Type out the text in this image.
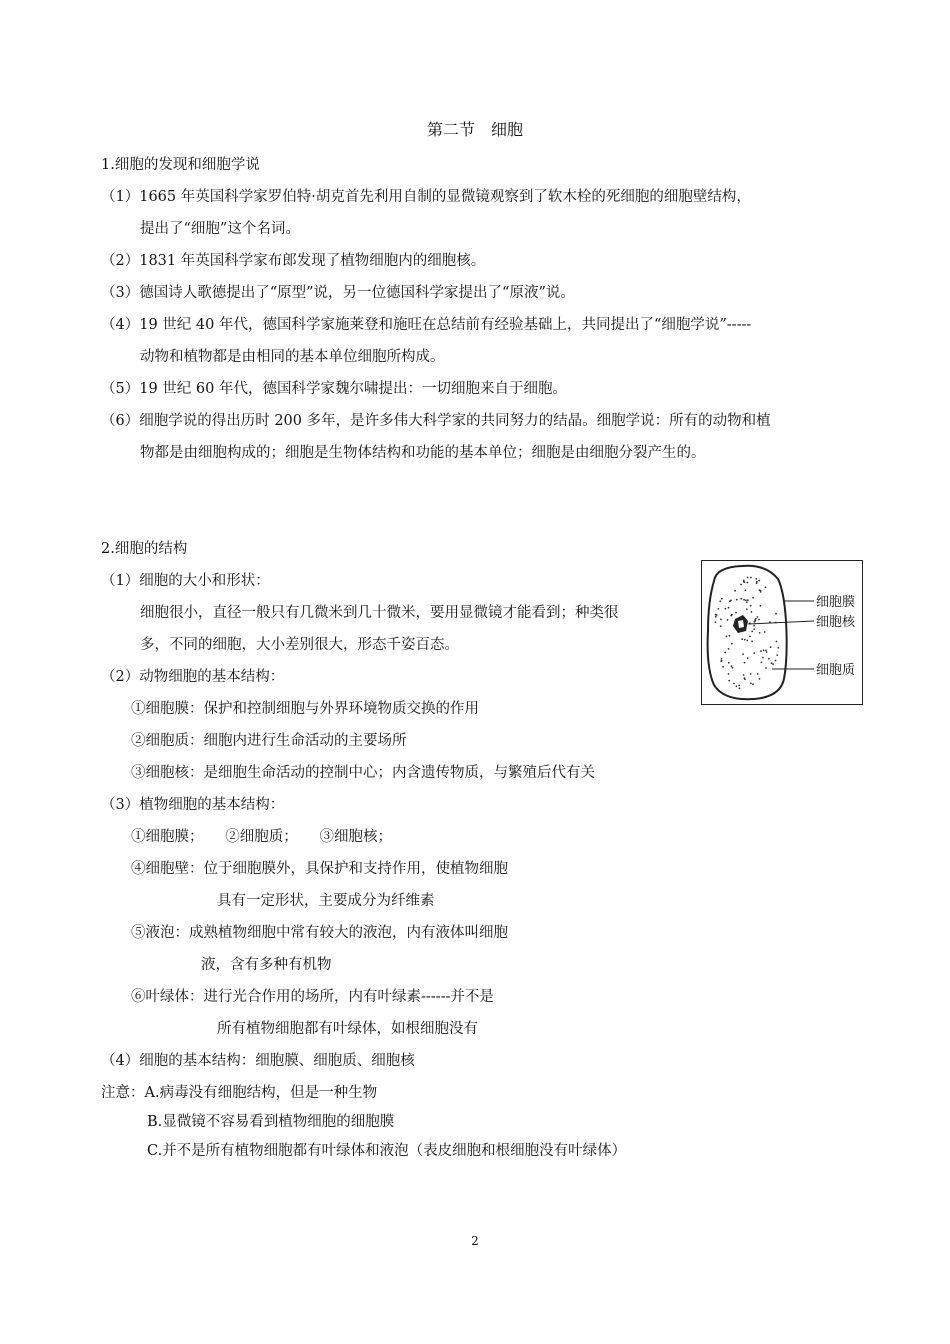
第二节　细胞
1.细胞的发现和细胞学说
（1）1665 年英国科学家罗伯特·胡克首先利用自制的显微镜观察到了软木栓的死细胞的细胞壁结构，
提出了“细胞”这个名词。
（2）1831 年英国科学家布郎发现了植物细胞内的细胞核。
（3）德国诗人歌德提出了“原型”说，另一位德国科学家提出了“原液”说。
（4）19 世纪 40 年代，德国科学家施莱登和施旺在总结前有经验基础上，共同提出了“细胞学说”-----
动物和植物都是由相同的基本单位细胞所构成。
（5）19 世纪 60 年代，德国科学家魏尔啸提出：一切细胞来自于细胞。
（6）细胞学说的得出历时 200 多年，是许多伟大科学家的共同努力的结晶。细胞学说：所有的动物和植
物都是由细胞构成的；细胞是生物体结构和功能的基本单位；细胞是由细胞分裂产生的。
2.细胞的结构
（1）细胞的大小和形状：
细胞很小，直径一般只有几微米到几十微米，要用显微镜才能看到；种类很
多，不同的细胞，大小差别很大，形态千姿百态。
（2）动物细胞的基本结构：
①细胞膜：保护和控制细胞与外界环境物质交换的作用
②细胞质：细胞内进行生命活动的主要场所
③细胞核：是细胞生命活动的控制中心；内含遗传物质，与繁殖后代有关
（3）植物细胞的基本结构：
①细胞膜；　　②细胞质；　　③细胞核；
④细胞壁：位于细胞膜外，具保护和支持作用，使植物细胞
具有一定形状，主要成分为纤维素
⑤液泡：成熟植物细胞中常有较大的液泡，内有液体叫细胞
液，含有多种有机物
⑥叶绿体：进行光合作用的场所，内有叶绿素------并不是
所有植物细胞都有叶绿体，如根细胞没有
（4）细胞的基本结构：细胞膜、细胞质、细胞核
注意：A.病毒没有细胞结构，但是一种生物
B.显微镜不容易看到植物细胞的细胞膜
C.并不是所有植物细胞都有叶绿体和液泡（表皮细胞和根细胞没有叶绿体）
细胞膜
细胞核
细胞质
2
